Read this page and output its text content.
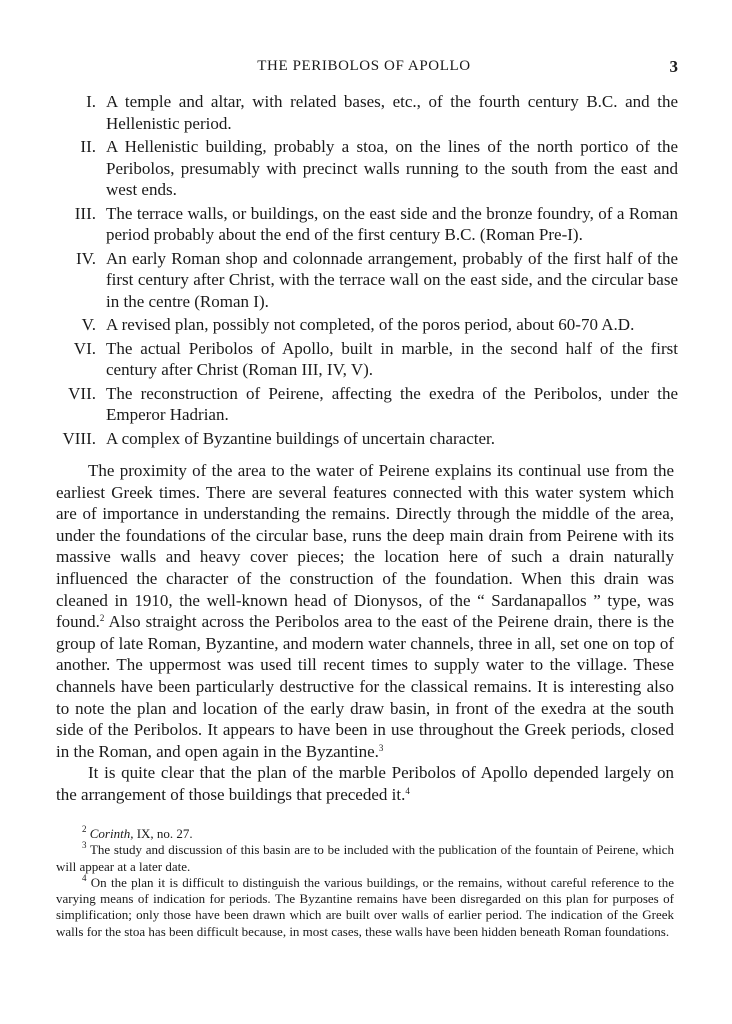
THE PERIBOLOS OF APOLLO	3
I. A temple and altar, with related bases, etc., of the fourth century B.C. and the Hellenistic period.
II. A Hellenistic building, probably a stoa, on the lines of the north portico of the Peribolos, presumably with precinct walls running to the south from the east and west ends.
III. The terrace walls, or buildings, on the east side and the bronze foundry, of a Roman period probably about the end of the first century B.C. (Roman Pre-I).
IV. An early Roman shop and colonnade arrangement, probably of the first half of the first century after Christ, with the terrace wall on the east side, and the circular base in the centre (Roman I).
V. A revised plan, possibly not completed, of the poros period, about 60-70 A.D.
VI. The actual Peribolos of Apollo, built in marble, in the second half of the first century after Christ (Roman III, IV, V).
VII. The reconstruction of Peirene, affecting the exedra of the Peribolos, under the Emperor Hadrian.
VIII. A complex of Byzantine buildings of uncertain character.

The proximity of the area to the water of Peirene explains its continual use from the earliest Greek times. There are several features connected with this water system which are of importance in understanding the remains. Directly through the middle of the area, under the foundations of the circular base, runs the deep main drain from Peirene with its massive walls and heavy cover pieces; the location here of such a drain naturally influenced the character of the construction of the foundation. When this drain was cleaned in 1910, the well-known head of Dionysos, of the “ Sardanapallos ” type, was found.$^2$ Also straight across the Peribolos area to the east of the Peirene drain, there is the group of late Roman, Byzantine, and modern water channels, three in all, set one on top of another. The uppermost was used till recent times to supply water to the village. These channels have been particularly destructive for the classical remains. It is interesting also to note the plan and location of the early draw basin, in front of the exedra at the south side of the Peribolos. It appears to have been in use throughout the Greek periods, closed in the Roman, and open again in the Byzantine.$^3$

It is quite clear that the plan of the marble Peribolos of Apollo depended largely on the arrangement of those buildings that preceded it.$^4$

$^2$ Corinth, IX, no. 27.

$^3$ The study and discussion of this basin are to be included with the publication of the fountain of Peirene, which will appear at a later date.

$^4$ On the plan it is difficult to distinguish the various buildings, or the remains, without careful reference to the varying means of indication for periods. The Byzantine remains have been disregarded on this plan for purposes of simplification; only those have been drawn which are built over walls of earlier period. The indication of the Greek walls for the stoa has been difficult because, in most cases, these walls have been hidden beneath Roman foundations.
